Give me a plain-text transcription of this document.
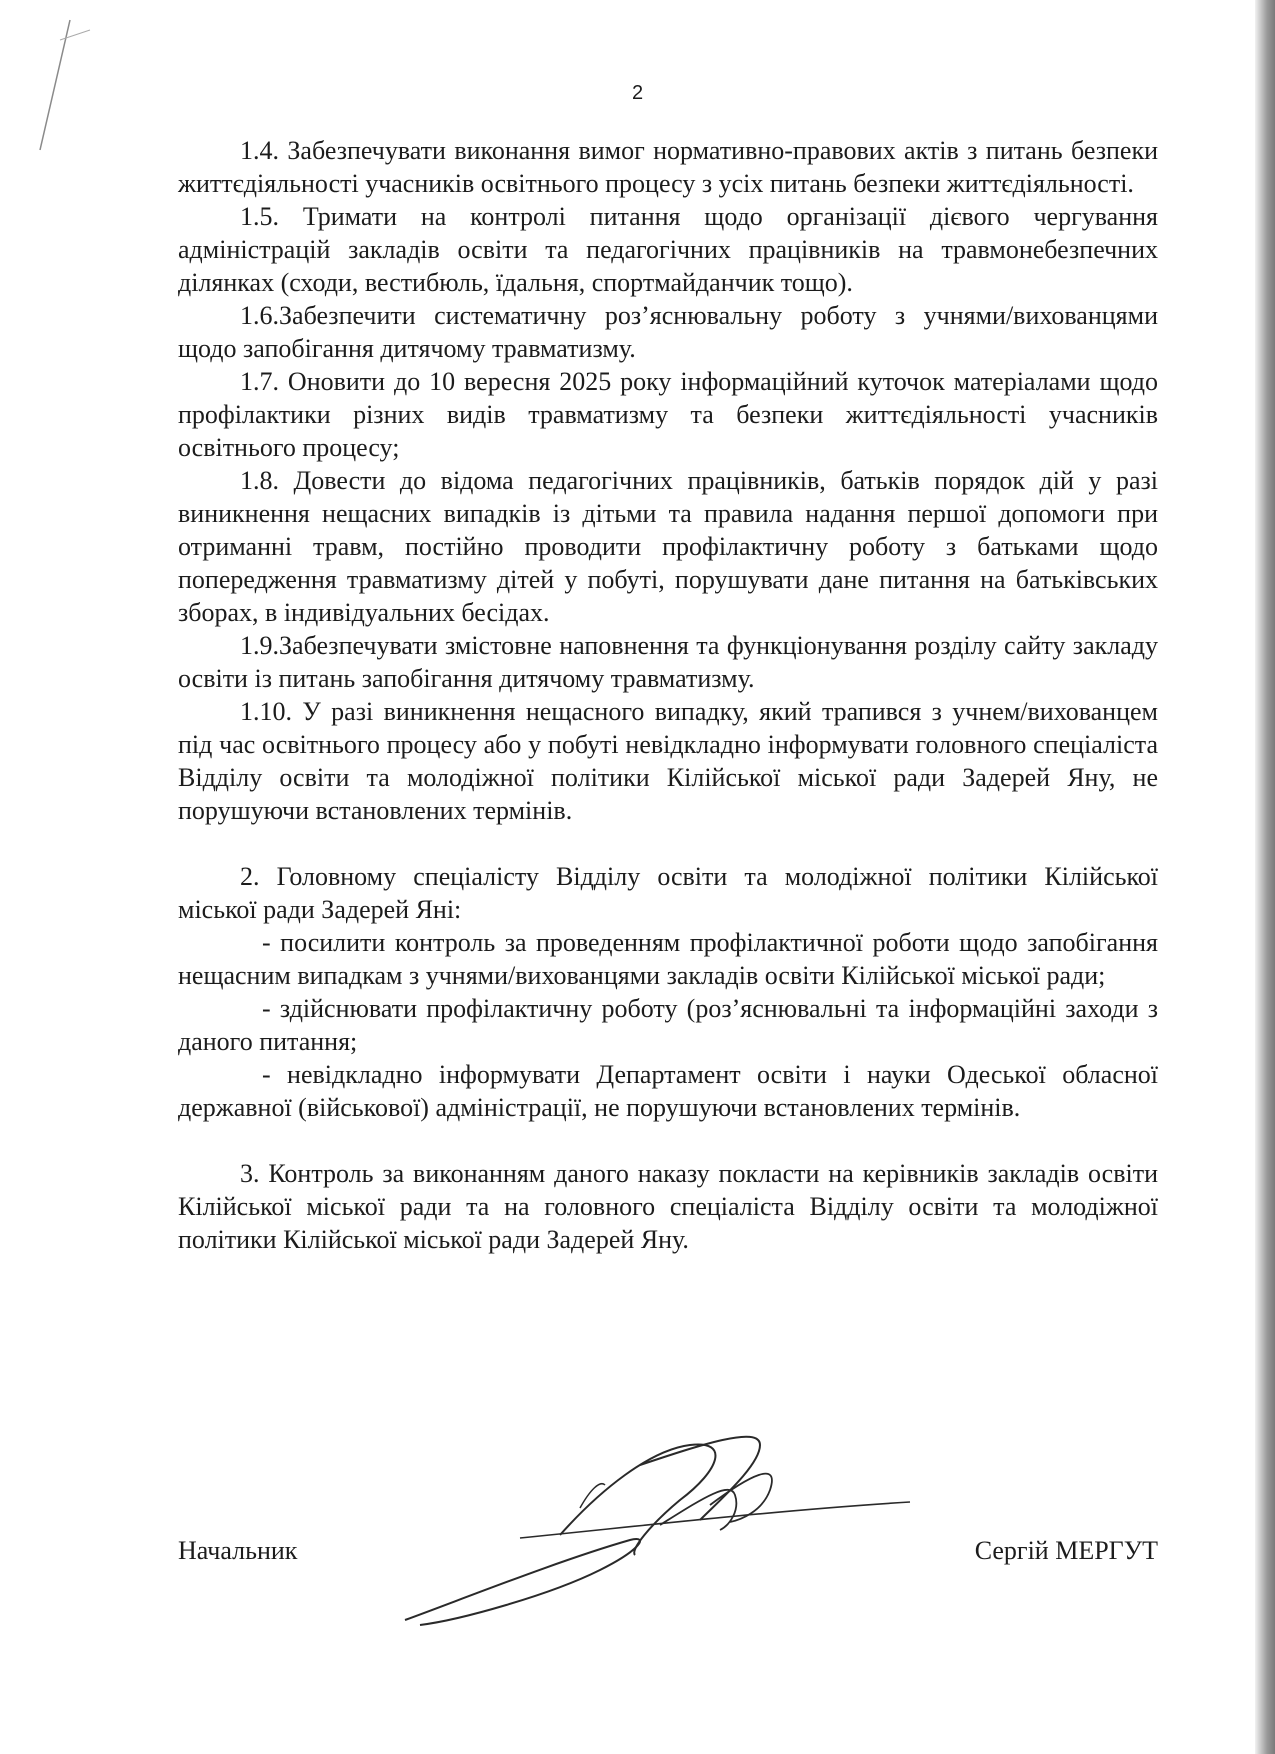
2

1.4. Забезпечувати виконання вимог нормативно-правових актів з питань безпеки життєдіяльності учасників освітнього процесу з усіх питань безпеки життєдіяльності.

1.5. Тримати на контролі питання щодо організації дієвого чергування адміністрацій закладів освіти та педагогічних працівників на травмонебезпечних ділянках (сходи, вестибюль, їдальня, спортмайданчик тощо).

1.6.Забезпечити систематичну роз’яснювальну роботу з учнями/вихованцями щодо запобігання дитячому травматизму.

1.7. Оновити до 10 вересня 2025 року інформаційний куточок матеріалами щодо профілактики різних видів травматизму та безпеки життєдіяльності учасників освітнього процесу;

1.8. Довести до відома педагогічних працівників, батьків порядок дій у разі виникнення нещасних випадків із дітьми та правила надання першої допомоги при отриманні травм, постійно проводити профілактичну роботу з батьками щодо попередження травматизму дітей у побуті, порушувати дане питання на батьківських зборах, в індивідуальних бесідах.

1.9.Забезпечувати змістовне наповнення та функціонування розділу сайту закладу освіти із питань запобігання дитячому травматизму.

1.10. У разі виникнення нещасного випадку, який трапився з учнем/вихованцем під час освітнього процесу або у побуті невідкладно інформувати головного спеціаліста Відділу освіти та молодіжної політики Кілійської міської ради Задерей Яну, не порушуючи встановлених термінів.

2. Головному спеціалісту Відділу освіти та молодіжної політики Кілійської міської ради Задерей Яні:

- посилити контроль за проведенням профілактичної роботи щодо запобігання нещасним випадкам з учнями/вихованцями закладів освіти Кілійської міської ради;

- здійснювати профілактичну роботу (роз’яснювальні та інформаційні заходи з даного питання;

- невідкладно інформувати Департамент освіти і науки Одеської обласної державної (військової) адміністрації, не порушуючи встановлених термінів.

3. Контроль за виконанням даного наказу покласти на керівників закладів освіти Кілійської міської ради та на головного спеціаліста Відділу освіти та молодіжної політики Кілійської міської ради Задерей Яну.

Начальник	Сергій МЕРГУТ
